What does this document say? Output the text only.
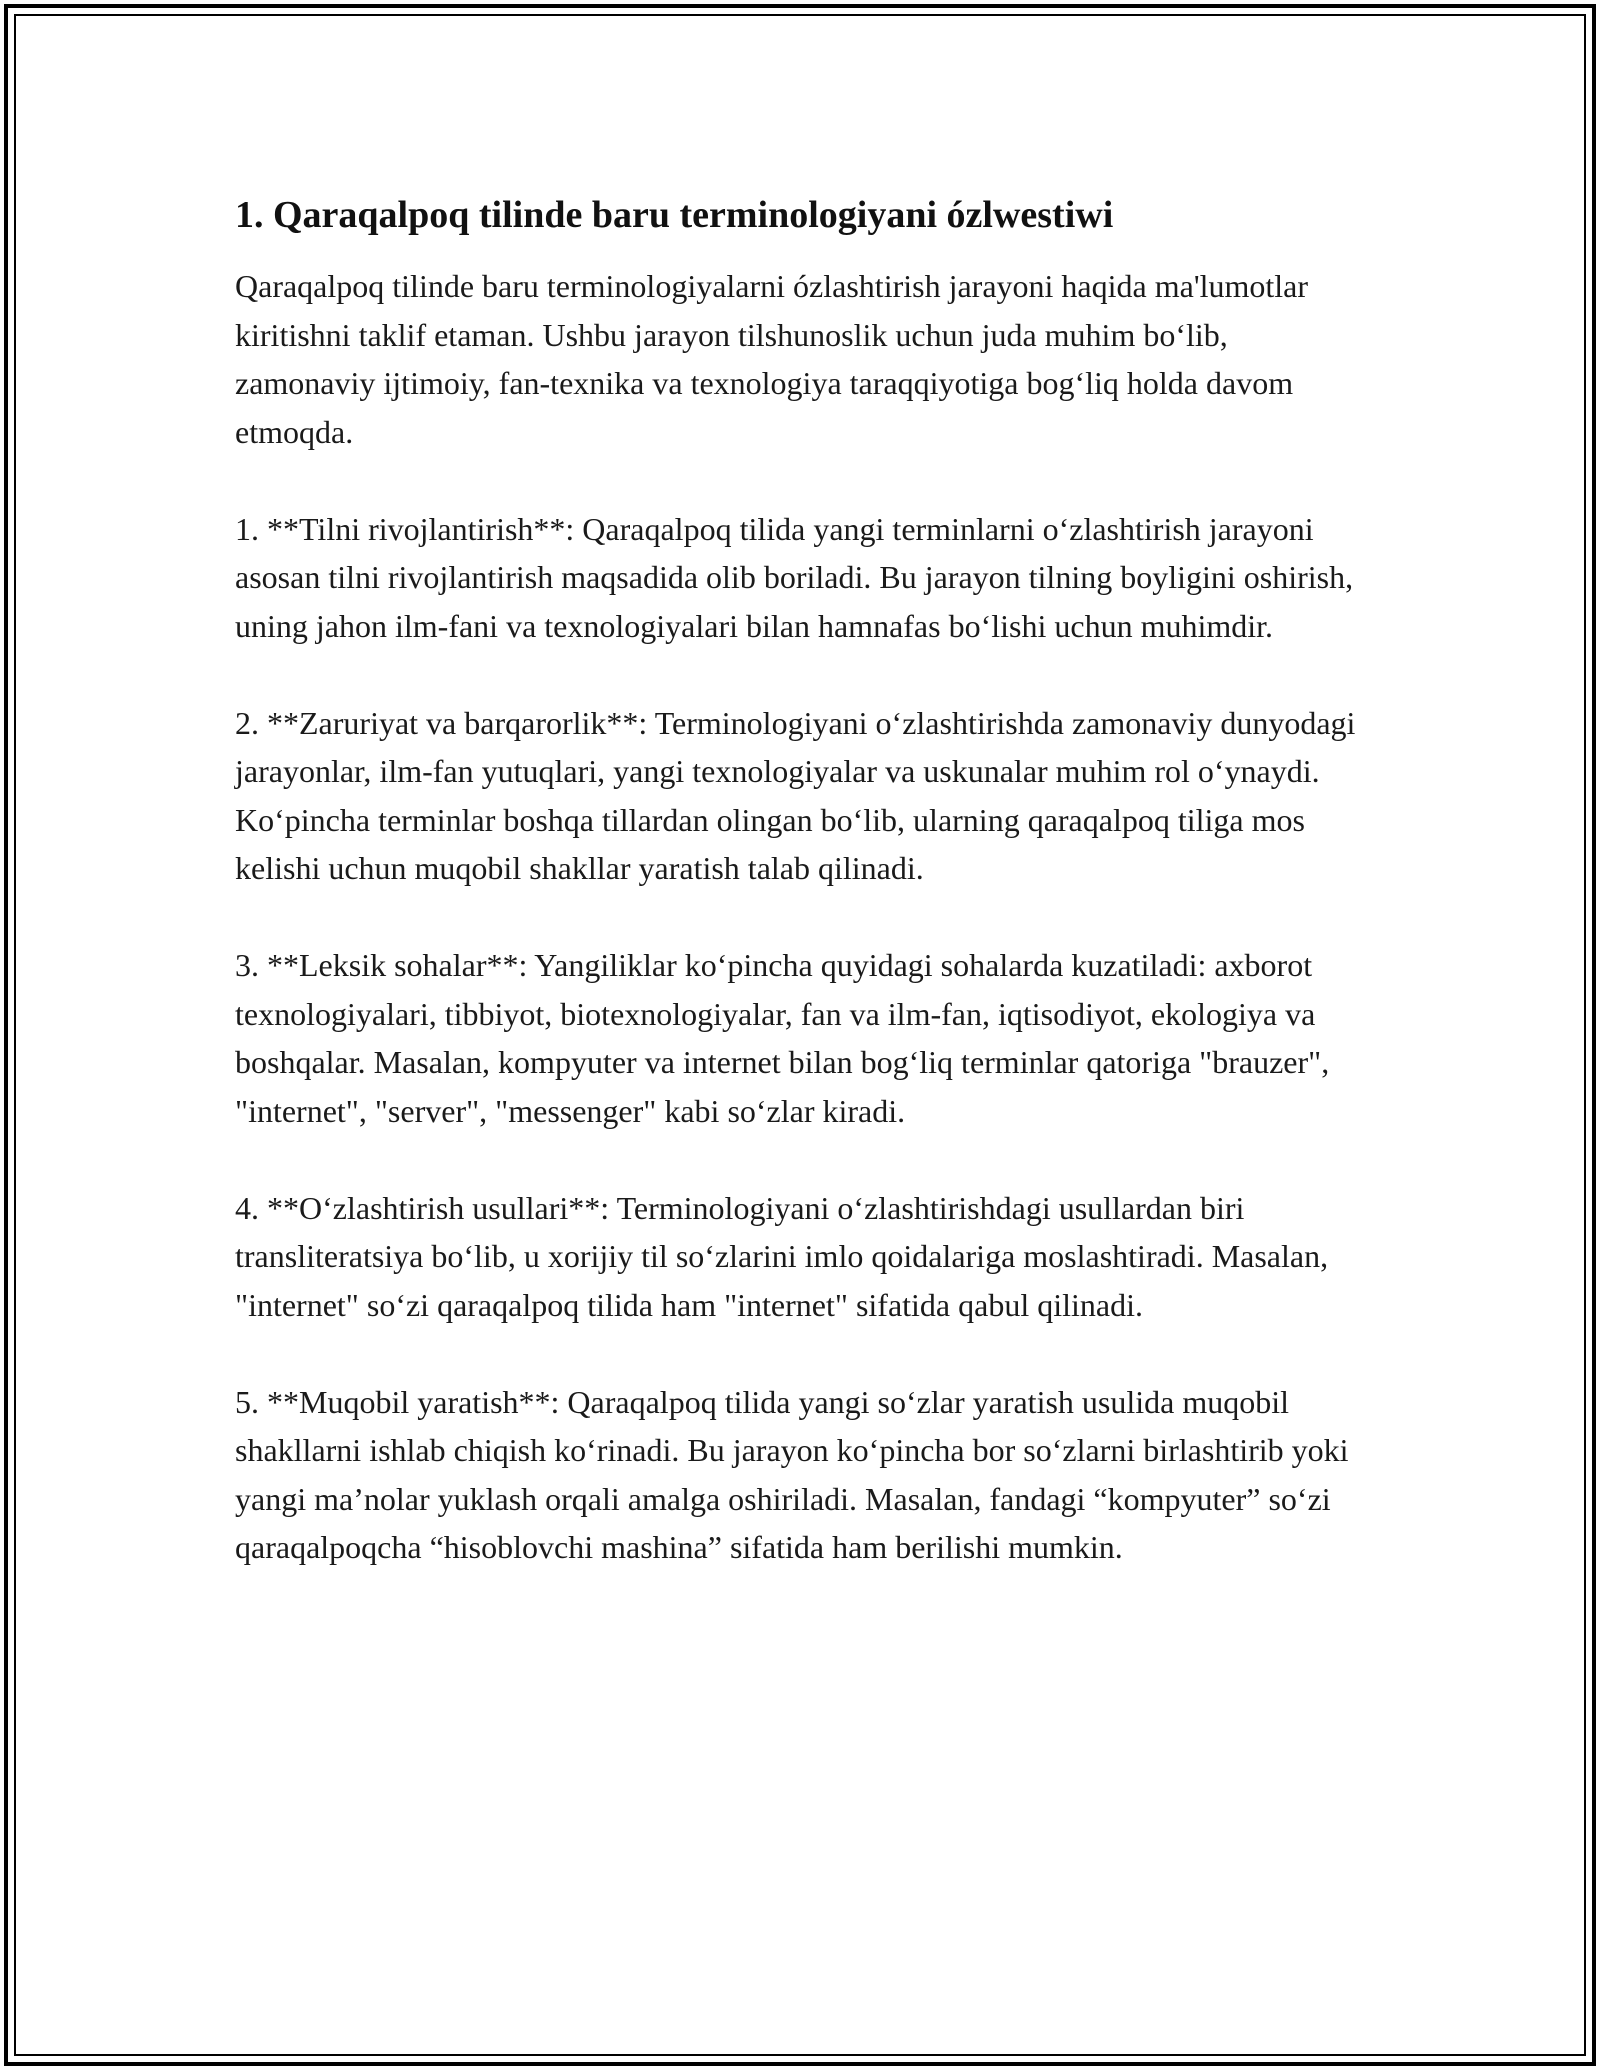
1. Qaraqalpoq tilinde baru terminologiyani ózlwestiwi

Qaraqalpoq tilinde baru terminologiyalarni ózlashtirish jarayoni haqida ma'lumotlar kiritishni taklif etaman. Ushbu jarayon tilshunoslik uchun juda muhim bo‘lib, zamonaviy ijtimoiy, fan-texnika va texnologiya taraqqiyotiga bog‘liq holda davom etmoqda.

1. **Tilni rivojlantirish**: Qaraqalpoq tilida yangi terminlarni o‘zlashtirish jarayoni asosan tilni rivojlantirish maqsadida olib boriladi. Bu jarayon tilning boyligini oshirish, uning jahon ilm-fani va texnologiyalari bilan hamnafas bo‘lishi uchun muhimdir.

2. **Zaruriyat va barqarorlik**: Terminologiyani o‘zlashtirishda zamonaviy dunyodagi jarayonlar, ilm-fan yutuqlari, yangi texnologiyalar va uskunalar muhim rol o‘ynaydi. Ko‘pincha terminlar boshqa tillardan olingan bo‘lib, ularning qaraqalpoq tiliga mos kelishi uchun muqobil shakllar yaratish talab qilinadi.

3. **Leksik sohalar**: Yangiliklar ko‘pincha quyidagi sohalarda kuzatiladi: axborot texnologiyalari, tibbiyot, biotexnologiyalar, fan va ilm-fan, iqtisodiyot, ekologiya va boshqalar. Masalan, kompyuter va internet bilan bog‘liq terminlar qatoriga "brauzer", "internet", "server", "messenger" kabi so‘zlar kiradi.

4. **O‘zlashtirish usullari**: Terminologiyani o‘zlashtirishdagi usullardan biri transliteratsiya bo‘lib, u xorijiy til so‘zlarini imlo qoidalariga moslashtiradi. Masalan, "internet" so‘zi qaraqalpoq tilida ham "internet" sifatida qabul qilinadi.

5. **Muqobil yaratish**: Qaraqalpoq tilida yangi so‘zlar yaratish usulida muqobil shakllarni ishlab chiqish ko‘rinadi. Bu jarayon ko‘pincha bor so‘zlarni birlashtirib yoki yangi ma’nolar yuklash orqali amalga oshiriladi. Masalan, fandagi “kompyuter” so‘zi qaraqalpoqcha “hisoblovchi mashina” sifatida ham berilishi mumkin.
